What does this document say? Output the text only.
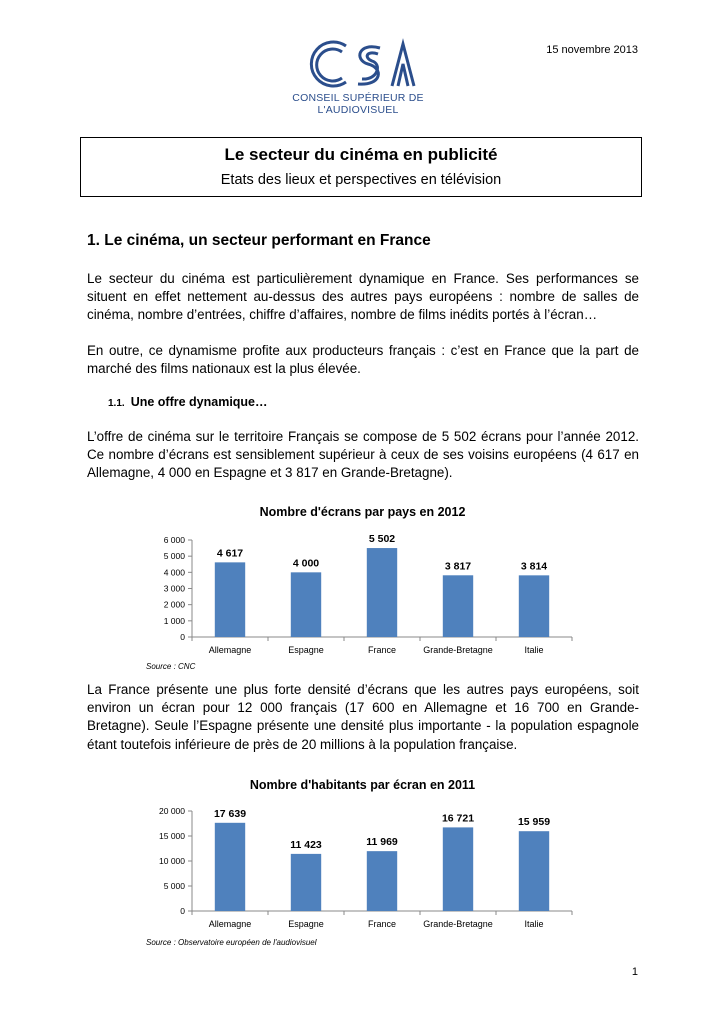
15 novembre 2013
CONSEIL SUPÉRIEUR DE L'AUDIOVISUEL
Le secteur du cinéma en publicité
Etats des lieux et perspectives en télévision
1. Le cinéma, un secteur performant en France

Le secteur du cinéma est particulièrement dynamique en France. Ses performances se situent en effet nettement au-dessus des autres pays européens : nombre de salles de cinéma, nombre d’entrées, chiffre d’affaires, nombre de films inédits portés à l’écran…

En outre, ce dynamisme profite aux producteurs français : c’est en France que la part de marché des films nationaux est la plus élevée.

1.1. Une offre dynamique…

L’offre de cinéma sur le territoire Français se compose de 5 502 écrans pour l’année 2012. Ce nombre d’écrans est sensiblement supérieur à ceux de ses voisins européens (4 617 en Allemagne, 4 000 en Espagne et 3 817 en Grande-Bretagne).

Nombre d'écrans par pays en 2012
0
1 000
2 000
3 000
4 000
5 000
6 000
4 617
Allemagne
4 000
Espagne
5 502
France
3 817
Grande-Bretagne
3 814
Italie
Source : CNC

La France présente une plus forte densité d’écrans que les autres pays européens, soit environ un écran pour 12 000 français (17 600 en Allemagne et 16 700 en Grande-Bretagne). Seule l’Espagne présente une densité plus importante - la population espagnole étant toutefois inférieure de près de 20 millions à la population française.

Nombre d'habitants par écran en 2011
0
5 000
10 000
15 000
20 000	17 639
Allemagne
11 423
Espagne
11 969
France
16 721
Grande-Bretagne
15 959
Italie
Source : Observatoire européen de l'audiovisuel
1
